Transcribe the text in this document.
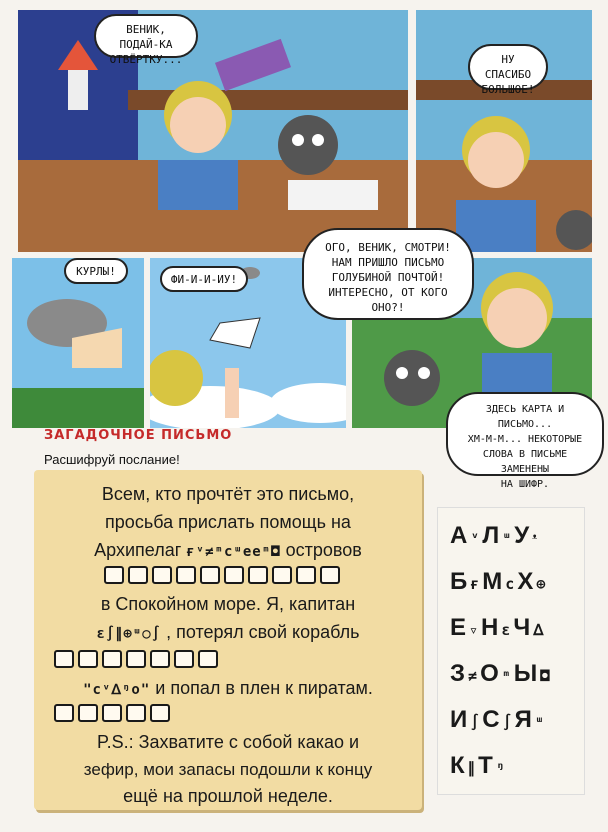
ВЕНИК, ПОДАЙ-КА
ОТВЁРТКУ...	НУ СПАСИБО
БОЛЬШОЕ!
КУРЛЫ!
ФИ-И-И-ИУ!
ОГО, ВЕНИК, СМОТРИ!
НАМ ПРИШЛО ПИСЬМО
ГОЛУБИНОЙ ПОЧТОЙ!
ИНТЕРЕСНО, ОТ КОГО ОНО?!
ЗДЕСЬ КАРТА И ПИСЬМО...
ХМ-М-М... НЕКОТОРЫЕ
СЛОВА В ПИСЬМЕ ЗАМЕНЕНЫ
НА ШИФР.
ЗАГАДОЧНОЕ ПИСЬМО
Расшифруй послание!
Всем, кто прочтёт это письмо,
просьба прислать помощь на
Архипелаг ғᵛ≠ᵐcᵚeeᵐ◘ островов
в Спокойном море. Я, капитан
ɛ∫∥⊕ᵚ○∫ , потерял свой корабль
"cᵛᐃᵑo" и попал в плен к пиратам.
P.S.: Захватите с собой какао и
зефир, мои запасы подошли к концу
ещё на прошлой неделе.
А ᵛ Л ᵚ У ᵜ
Бғ М c Х ⊕
Е ▿ Н ɛ Ч ᐃ
З ≠ О ᵐ Ы ◘
И ∫ С ∫ Я ᵚ
К ∥ Т ᵑ
